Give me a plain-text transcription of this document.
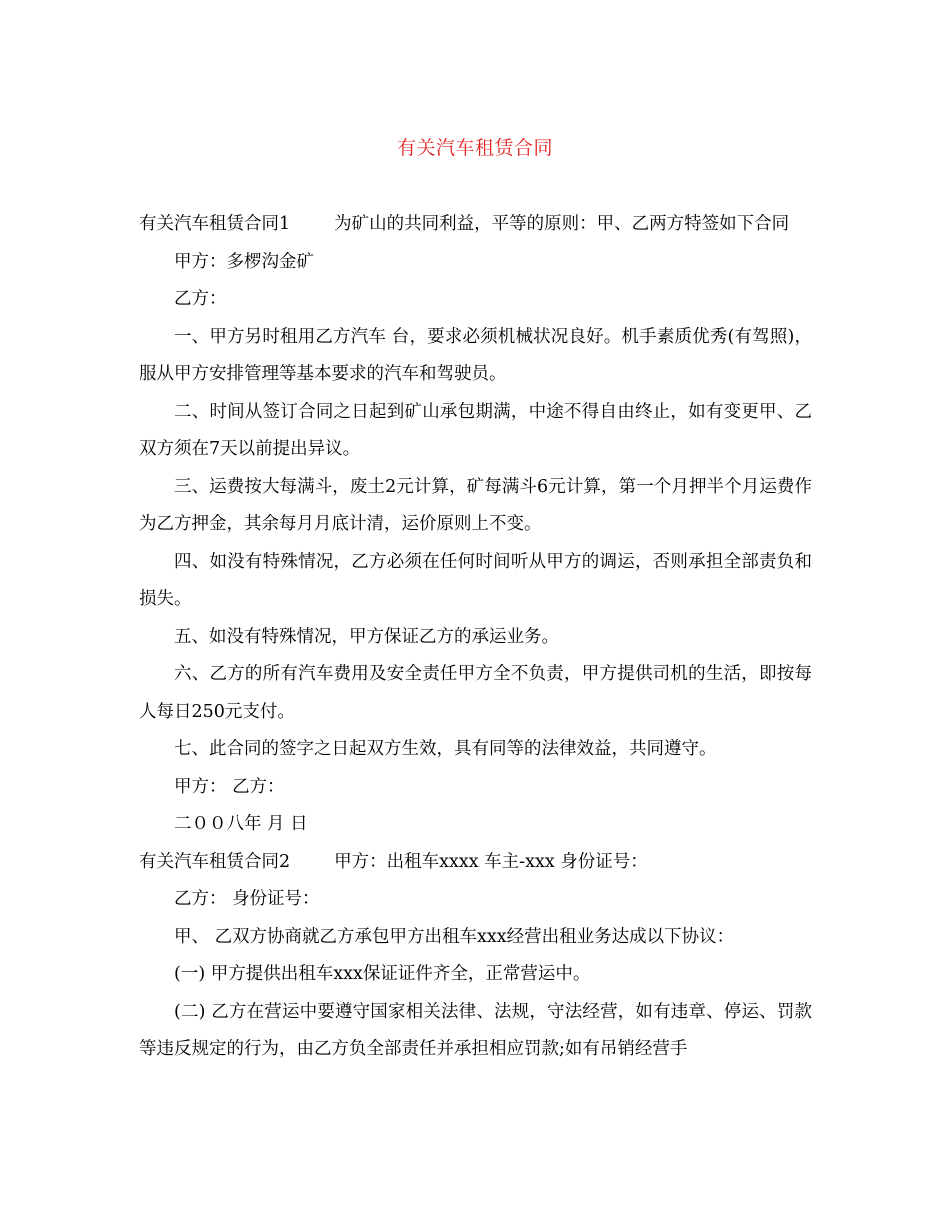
有关汽车租赁合同

有关汽车租赁合同1	为矿山的共同利益，平等的原则：甲、乙两方特签如下合同

甲方：多椤沟金矿

乙方：

一、甲方另时租用乙方汽车 台，要求必须机械状况良好。机手素质优秀(有驾照)，服从甲方安排管理等基本要求的汽车和驾驶员。

二、时间从签订合同之日起到矿山承包期满，中途不得自由终止，如有变更甲、乙双方须在7天以前提出异议。

三、运费按大每满斗，废土2元计算，矿每满斗6元计算，第一个月押半个月运费作为乙方押金，其余每月月底计清，运价原则上不变。

四、如没有特殊情况，乙方必须在任何时间听从甲方的调运，否则承担全部责负和损失。

五、如没有特殊情况，甲方保证乙方的承运业务。

六、乙方的所有汽车费用及安全责任甲方全不负责，甲方提供司机的生活，即按每人每日250元支付。

七、此合同的签字之日起双方生效，具有同等的法律效益，共同遵守。

甲方： 乙方：

二００八年 月 日

有关汽车租赁合同2	甲方：出租车xxxx 车主-xxx 身份证号：

乙方： 身份证号：

甲、 乙双方协商就乙方承包甲方出租车xxx经营出租业务达成以下协议：

(一) 甲方提供出租车xxx保证证件齐全，正常营运中。

(二) 乙方在营运中要遵守国家相关法律、法规，守法经营，如有违章、停运、罚款等违反规定的行为，由乙方负全部责任并承担相应罚款;如有吊销经营手
